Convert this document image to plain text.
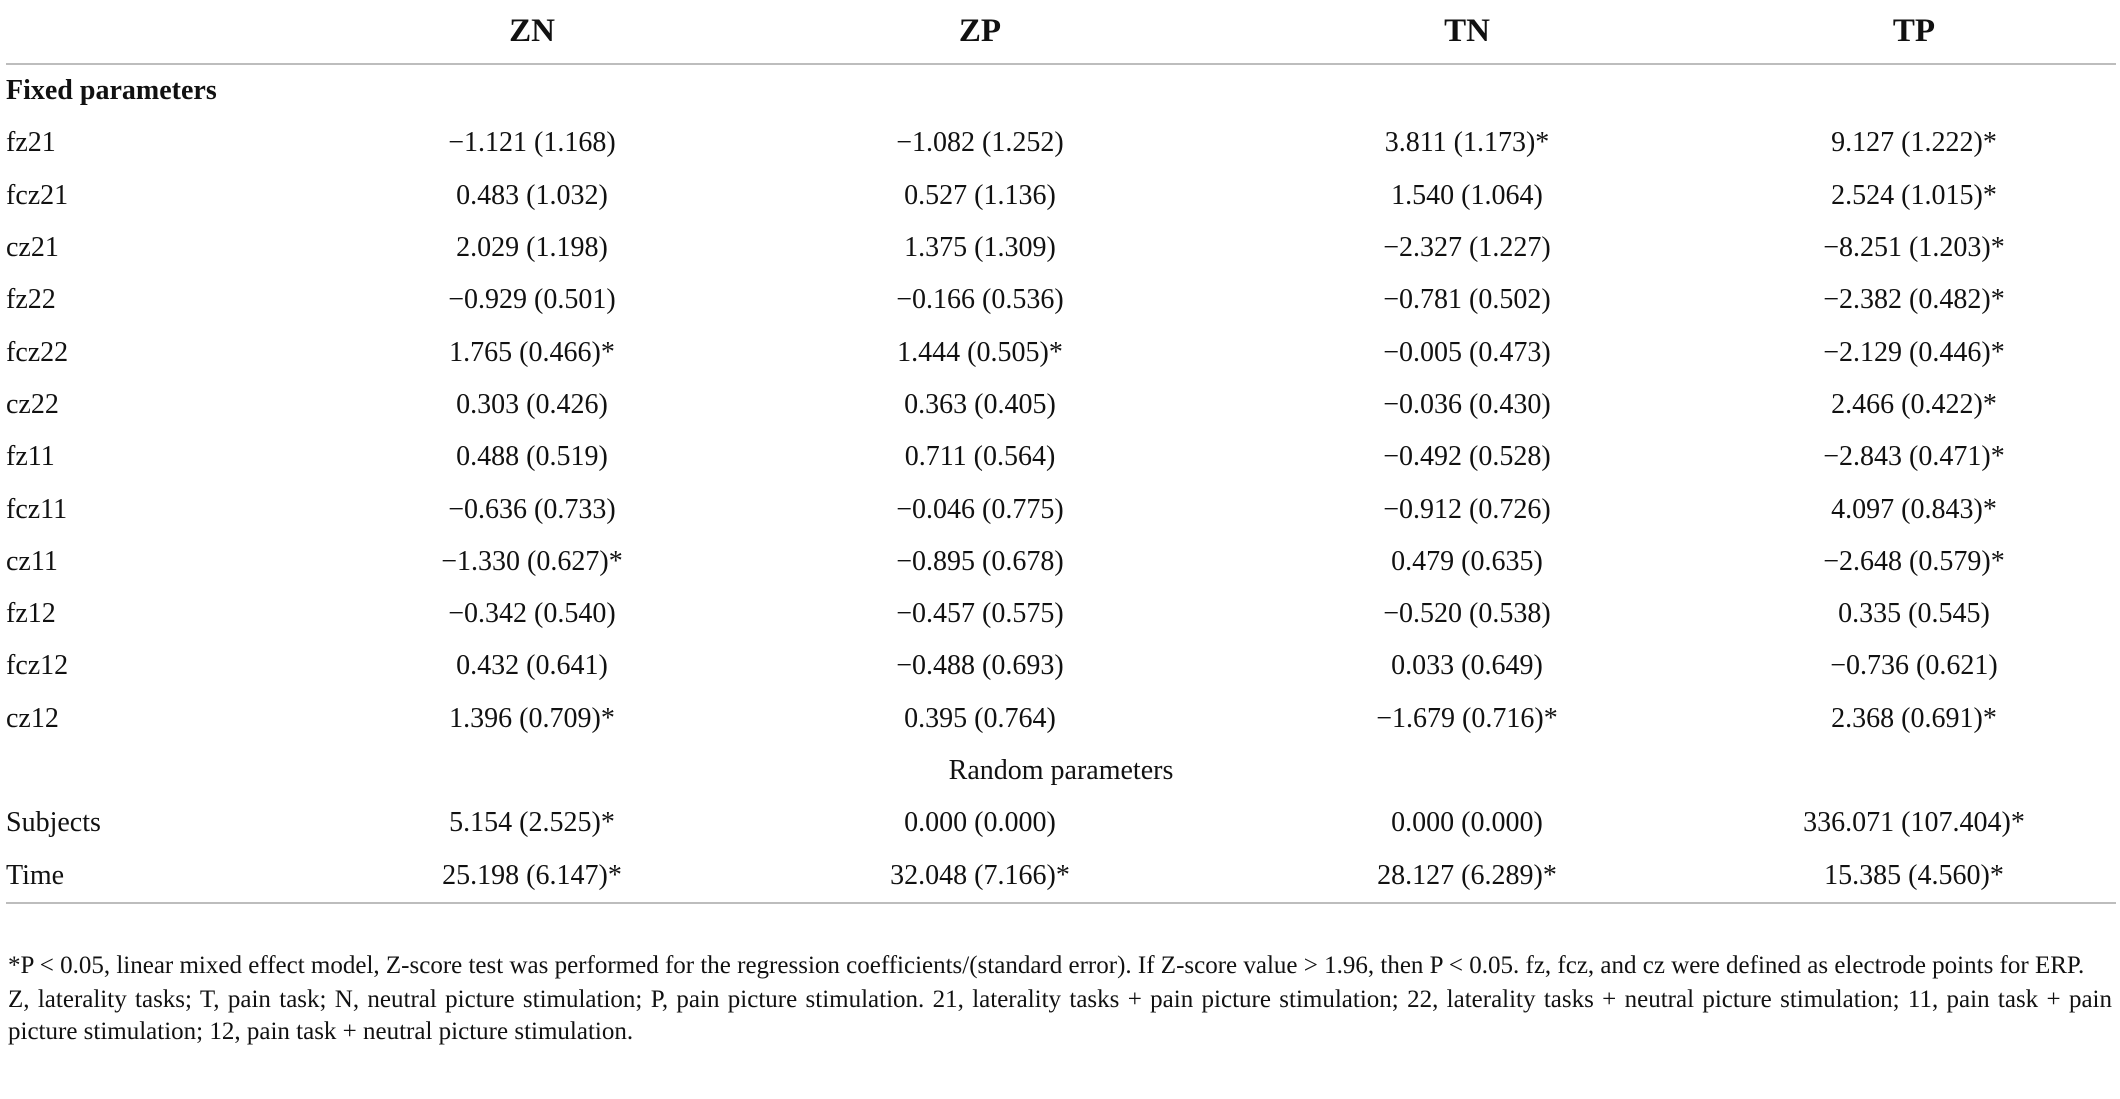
	ZN	ZP	TN	TP
Fixed parameters				
fz21	−1.121 (1.168)	−1.082 (1.252)	3.811 (1.173)*	9.127 (1.222)*
fcz21	0.483 (1.032)	0.527 (1.136)	1.540 (1.064)	2.524 (1.015)*
cz21	2.029 (1.198)	1.375 (1.309)	−2.327 (1.227)	−8.251 (1.203)*
fz22	−0.929 (0.501)	−0.166 (0.536)	−0.781 (0.502)	−2.382 (0.482)*
fcz22	1.765 (0.466)*	1.444 (0.505)*	−0.005 (0.473)	−2.129 (0.446)*
cz22	0.303 (0.426)	0.363 (0.405)	−0.036 (0.430)	2.466 (0.422)*
fz11	0.488 (0.519)	0.711 (0.564)	−0.492 (0.528)	−2.843 (0.471)*
fcz11	−0.636 (0.733)	−0.046 (0.775)	−0.912 (0.726)	4.097 (0.843)*
cz11	−1.330 (0.627)*	−0.895 (0.678)	0.479 (0.635)	−2.648 (0.579)*
fz12	−0.342 (0.540)	−0.457 (0.575)	−0.520 (0.538)	0.335 (0.545)
fcz12	0.432 (0.641)	−0.488 (0.693)	0.033 (0.649)	−0.736 (0.621)
cz12	1.396 (0.709)*	0.395 (0.764)	−1.679 (0.716)*	2.368 (0.691)*
Random parameters				
Subjects	5.154 (2.525)*	0.000 (0.000)	0.000 (0.000)	336.071 (107.404)*
Time	25.198 (6.147)*	32.048 (7.166)*	28.127 (6.289)*	15.385 (4.560)*

*P < 0.05, linear mixed effect model, Z-score test was performed for the regression coefficients/(standard error). If Z-score value > 1.96, then P < 0.05. fz, fcz, and cz were defined as electrode points for ERP.

Z, laterality tasks; T, pain task; N, neutral picture stimulation; P, pain picture stimulation. 21, laterality tasks + pain picture stimulation; 22, laterality tasks + neutral picture stimulation; 11, pain task + pain picture stimulation; 12, pain task + neutral picture stimulation.
